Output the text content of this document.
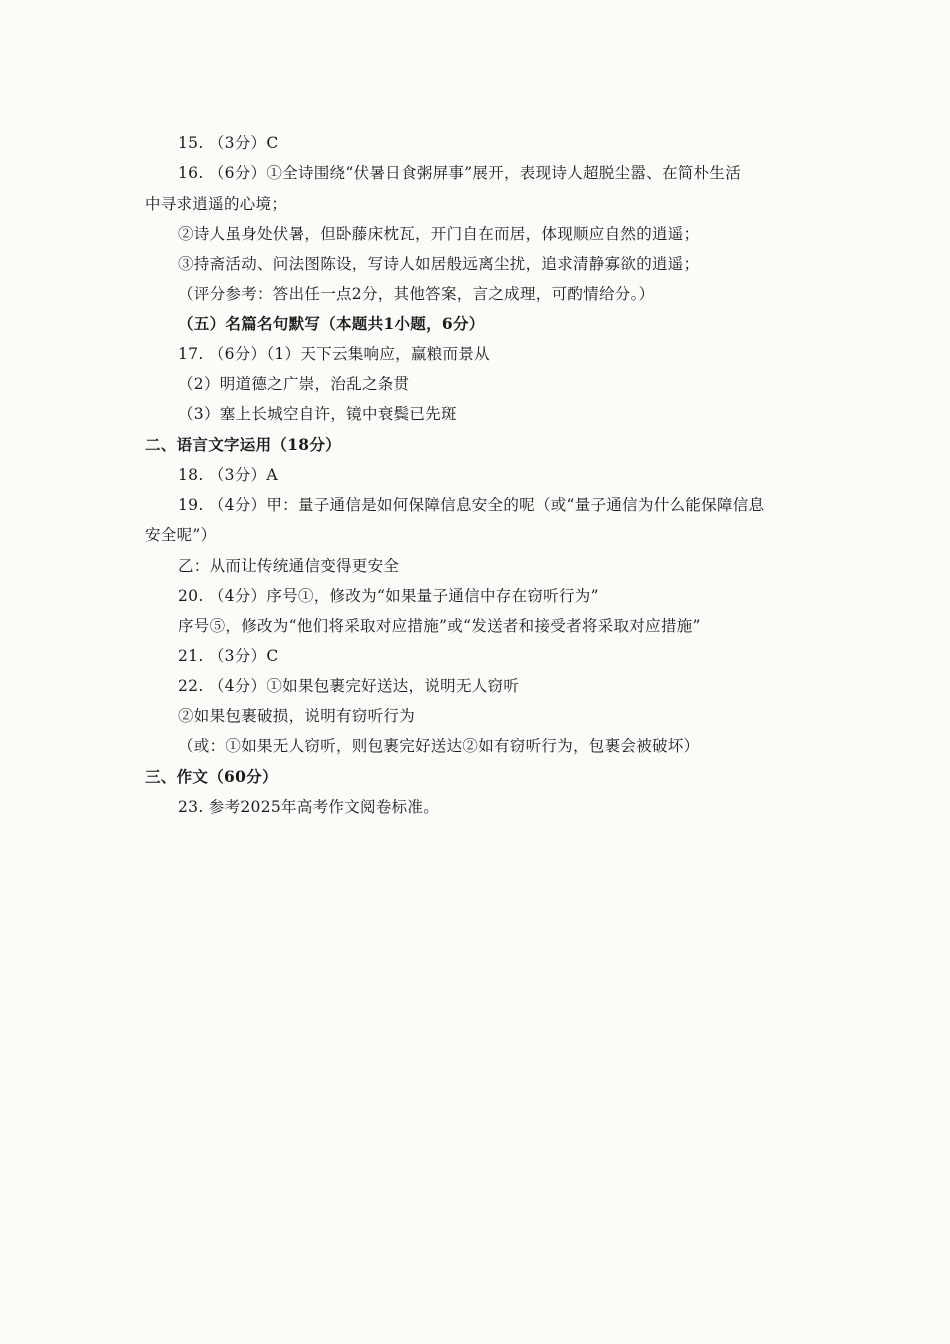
15. （3分）C
16. （6分）①全诗围绕“伏暑日食粥屏事”展开，表现诗人超脱尘嚣、在简朴生活
中寻求逍遥的心境；
②诗人虽身处伏暑，但卧藤床枕瓦，开门自在而居，体现顺应自然的逍遥；
③持斋活动、问法图陈设，写诗人如居般远离尘扰，追求清静寡欲的逍遥；
（评分参考：答出任一点2分，其他答案，言之成理，可酌情给分。）
（五）名篇名句默写（本题共1小题，6分）
17. （6分）（1）天下云集响应，赢粮而景从
（2）明道德之广崇，治乱之条贯
（3）塞上长城空自许，镜中衰鬓已先斑
二、语言文字运用（18分）
18. （3分）A
19. （4分）甲：量子通信是如何保障信息安全的呢（或“量子通信为什么能保障信息
安全呢”）
乙：从而让传统通信变得更安全
20. （4分）序号①，修改为“如果量子通信中存在窃听行为”
序号⑤，修改为“他们将采取对应措施”或“发送者和接受者将采取对应措施”
21. （3分）C
22. （4分）①如果包裹完好送达，说明无人窃听
②如果包裹破损，说明有窃听行为
（或：①如果无人窃听，则包裹完好送达②如有窃听行为，包裹会被破坏）
三、作文（60分）
23. 参考2025年高考作文阅卷标准。
